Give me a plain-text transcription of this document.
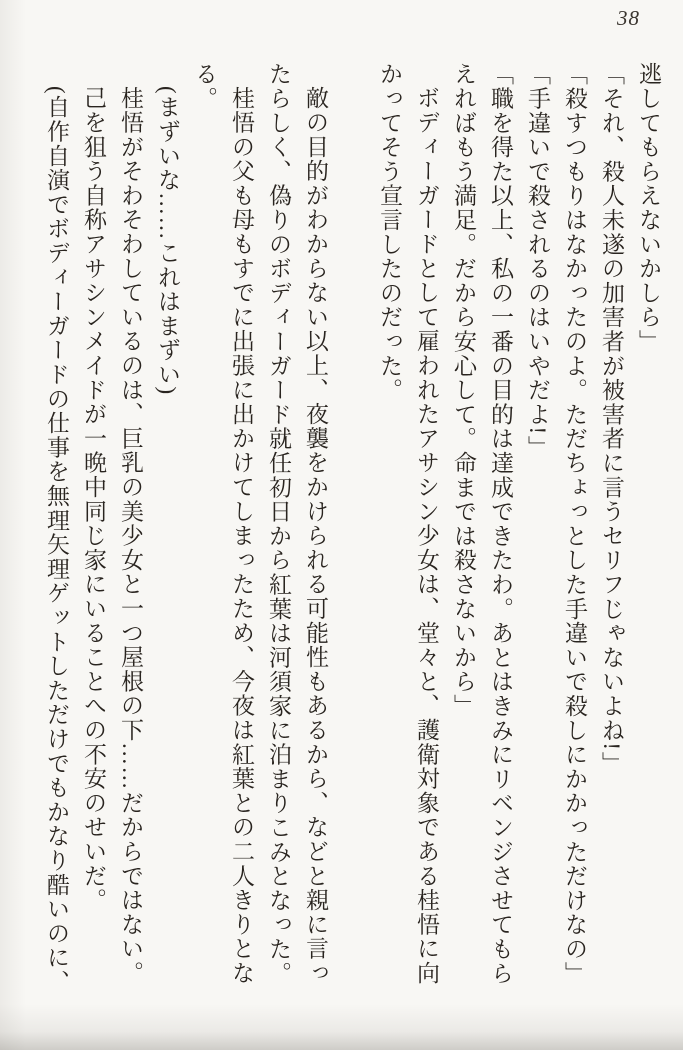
38
逃してもらえないかしら」
「それ、殺人未遂の加害者が被害者に言うセリフじゃないよね!」
「殺すつもりはなかったのよ。ただちょっとした手違いで殺しにかかっただけなの」
「手違いで殺されるのはいやだよ!」
「職を得た以上、私の一番の目的は達成できたわ。あとはきみにリベンジさせてもら
えればもう満足。だから安心して。命までは殺さないから」
ボディーガードとして雇われたアサシン少女は、堂々と、護衛対象である桂悟に向
かってそう宣言したのだった。

敵の目的がわからない以上、夜襲をかけられる可能性もあるから、などと親に言っ
たらしく、偽りのボディーガード就任初日から紅葉は河須家に泊まりこみとなった。
桂悟の父も母もすでに出張に出かけてしまったため、今夜は紅葉との二人きりとな
る。
(まずいな……これはまずい)
桂悟がそわそわしているのは、巨乳の美少女と一つ屋根の下……だからではない。
己を狙う自称アサシンメイドが一晩中同じ家にいることへの不安のせいだ。
(自作自演でボディーガードの仕事を無理矢理ゲットしただけでもかなり酷いのに、
